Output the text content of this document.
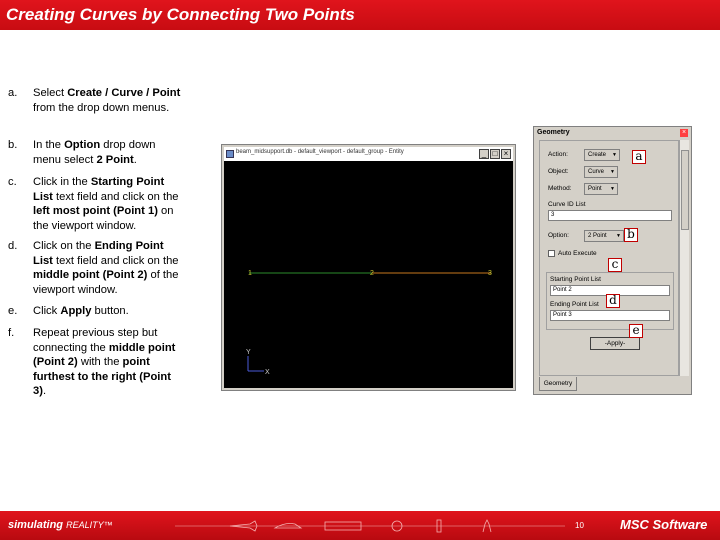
Creating Curves by Connecting Two Points
a.	Select Create / Curve / Point from the drop down menus.
b.	In the Option drop down menu select 2 Point.
c.	Click in the Starting Point List text field and click on the left most point (Point 1) on the viewport window.
d.	Click on the Ending Point List text field and click on the middle point (Point 2) of the viewport window.
e.	Click Apply button.
f.	Repeat previous step but connecting the middle point (Point 2) with the point furthest to the right (Point 3).
beam_midsupport.db - default_viewport - default_group - Entity	_ □ ×
1	2	3
Y
X
Geometry	×
Action:	Create ▼
Object:	Curve ▼
Method:	Point ▼
Curve ID List
3
Option:	2 Point ▼
Auto Execute
Starting Point List
Point 2
Ending Point List
Point 3
-Apply-
Geometry
a
b
c
d
e
simulating REALITY™	10	MSC Software
